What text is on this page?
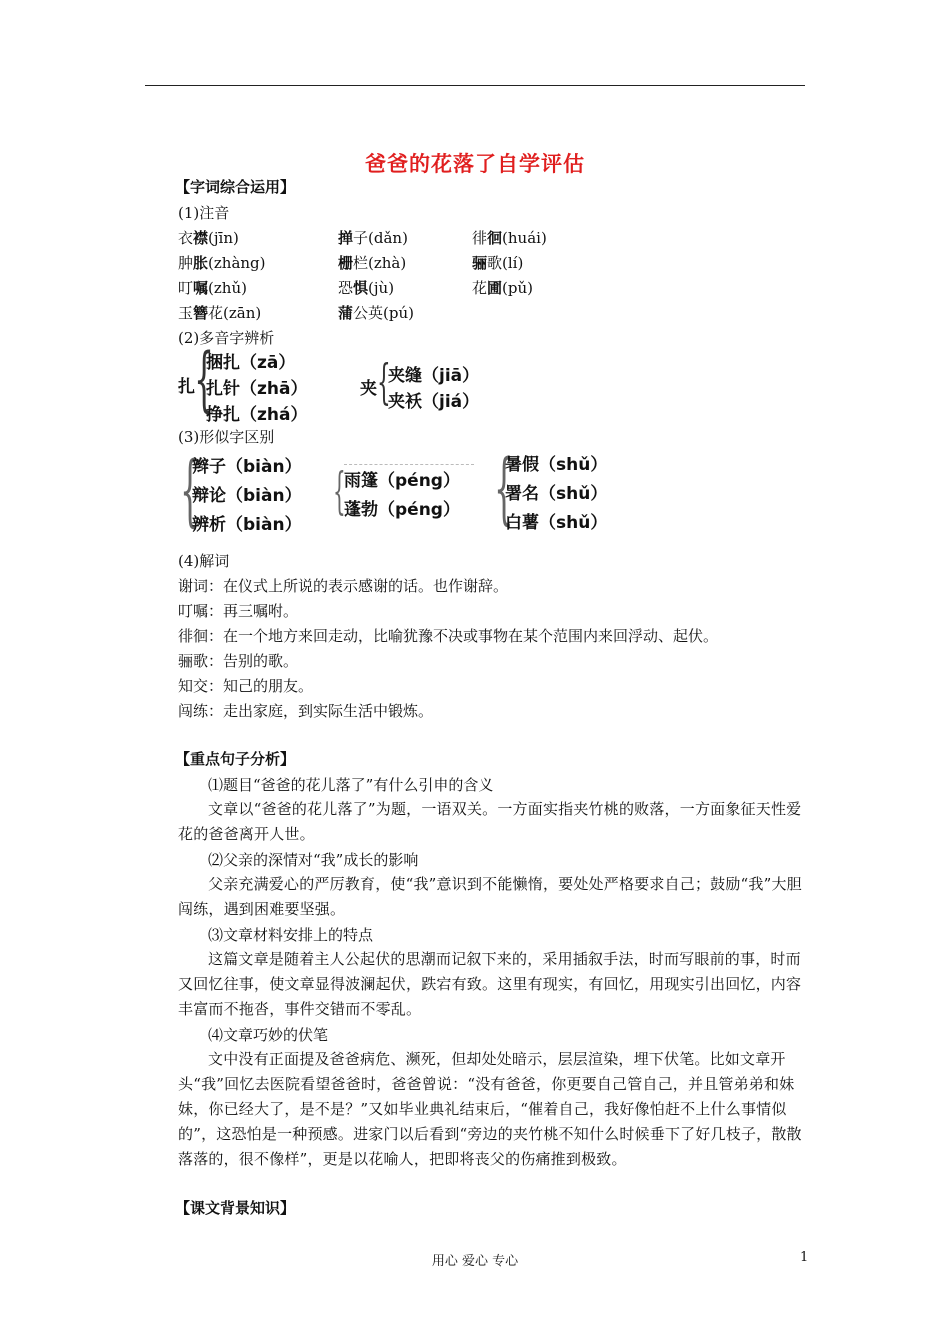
爸爸的花落了自学评估
【字词综合运用】
(1)注音
衣襟(jīn)	掸子(dǎn)	徘徊(huái)
肿胀(zhàng)	栅栏(zhà)	骊歌(lí)
叮嘱(zhǔ)	恐惧(jù)	花圃(pǔ)
玉簪花(zān)	蒲公英(pú)
(2)多音字辨析
扎 {
捆扎（zā）
扎针（zhā）
挣扎（zhá）
夹 {
夹缝（jiā）
夹袄（jiá）
(3)形似字区别
{
辫子（biàn）
辩论（biàn）
辨析（biàn）
{
雨篷（péng）
蓬勃（péng） {
暑假（shǔ）
署名（shǔ）
白薯（shǔ）
(4)解词
谢词：在仪式上所说的表示感谢的话。也作谢辞。
叮嘱：再三嘱咐。
徘徊：在一个地方来回走动，比喻犹豫不决或事物在某个范围内来回浮动、起伏。
骊歌：告别的歌。
知交：知己的朋友。
闯练：走出家庭，到实际生活中锻炼。
【重点句子分析】
⑴题目“爸爸的花儿落了”有什么引申的含义
文章以“爸爸的花儿落了”为题，一语双关。一方面实指夹竹桃的败落，一方面象征天性爱花的爸爸离开人世。
⑵父亲的深情对“我”成长的影响
父亲充满爱心的严厉教育，使“我”意识到不能懒惰，要处处严格要求自己；鼓励“我”大胆闯练，遇到困难要坚强。
⑶文章材料安排上的特点
这篇文章是随着主人公起伏的思潮而记叙下来的，采用插叙手法，时而写眼前的事，时而又回忆往事，使文章显得波澜起伏，跌宕有致。这里有现实，有回忆，用现实引出回忆，内容丰富而不拖沓，事件交错而不零乱。
⑷文章巧妙的伏笔
文中没有正面提及爸爸病危、濒死，但却处处暗示，层层渲染，埋下伏笔。比如文章开头“我”回忆去医院看望爸爸时，爸爸曾说：“没有爸爸，你更要自己管自己，并且管弟弟和妹妹，你已经大了，是不是？”又如毕业典礼结束后，“催着自己，我好像怕赶不上什么事情似的”，这恐怕是一种预感。进家门以后看到“旁边的夹竹桃不知什么时候垂下了好几枝子，散散落落的，很不像样”，更是以花喻人，把即将丧父的伤痛推到极致。
【课文背景知识】
用心 爱心 专心	1
